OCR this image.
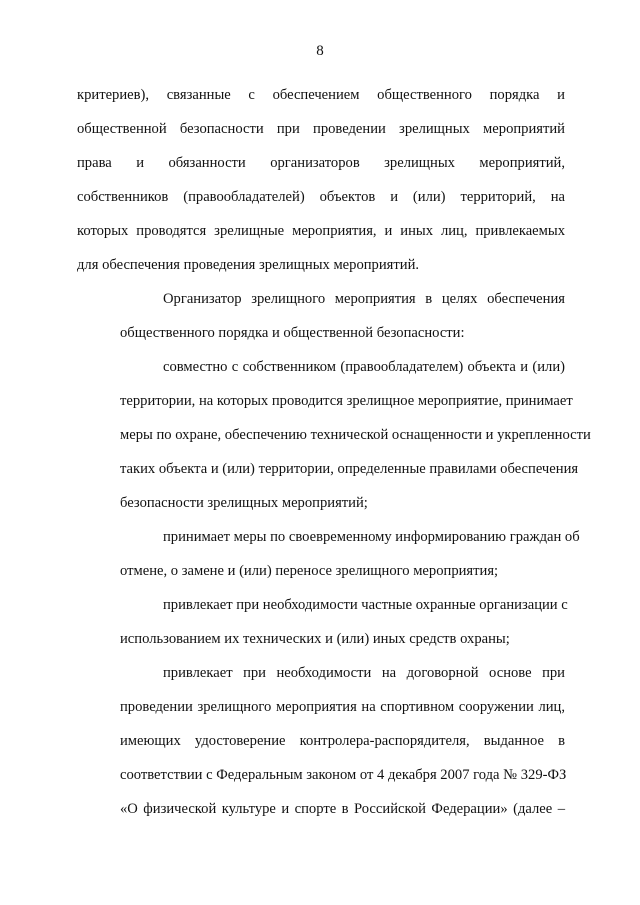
8

критериев), связанные с обеспечением общественного порядка и
общественной безопасности при проведении зрелищных мероприятий
права и обязанности организаторов зрелищных мероприятий,
собственников (правообладателей) объектов и (или) территорий, на
которых проводятся зрелищные мероприятия, и иных лиц, привлекаемых
для обеспечения проведения зрелищных мероприятий.

Организатор зрелищного мероприятия в целях обеспечения
общественного порядка и общественной безопасности:

совместно с собственником (правообладателем) объекта и (или)
территории, на которых проводится зрелищное мероприятие, принимает
меры по охране, обеспечению технической оснащенности и укрепленности
таких объекта и (или) территории, определенные правилами обеспечения
безопасности зрелищных мероприятий;

принимает меры по своевременному информированию граждан об
отмене, о замене и (или) переносе зрелищного мероприятия;

привлекает при необходимости частные охранные организации с
использованием их технических и (или) иных средств охраны;

привлекает при необходимости на договорной основе при
проведении зрелищного мероприятия на спортивном сооружении лиц,
имеющих удостоверение контролера-распорядителя, выданное в
соответствии с Федеральным законом от 4 декабря 2007 года № 329-ФЗ
«О физической культуре и спорте в Российской Федерации» (далее –
